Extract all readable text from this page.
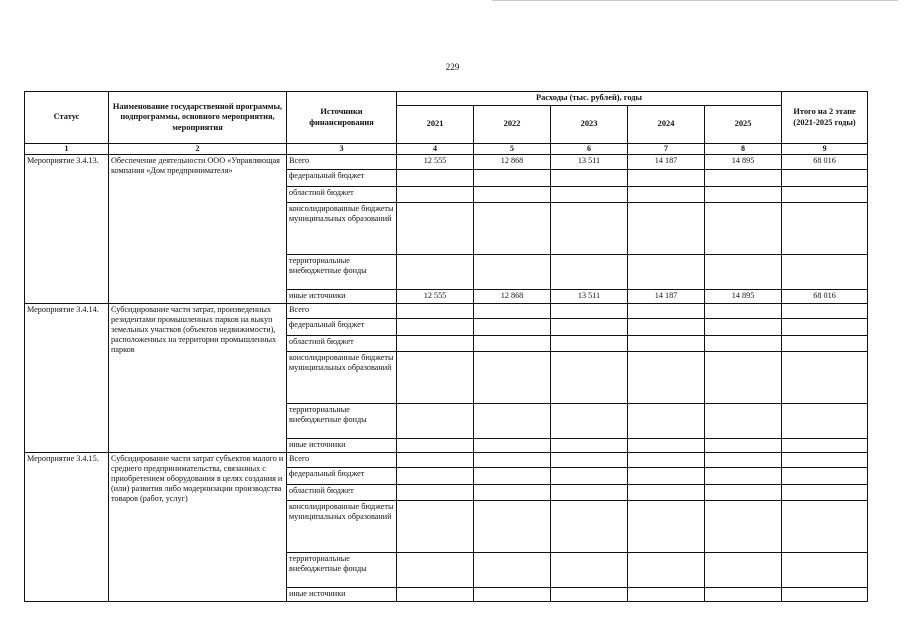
229
Статус	Наименование государственной программы, подпрограммы, основного мероприятия, мероприятия	Источники финансирования	Расходы (тыс. рублей), годы					Итого на 2 этапе (2021-2025 годы)
			2021	2022	2023	2024	2025	
1	2	3	4	5	6	7	8	9
Мероприятие 3.4.13.	Обеспечение деятельности ООО «Управляющая компания «Дом предпринимателя»	Всего	12 555	12 868	13 511	14 187	14 895	68 016
		федеральный бюджет						
		областной бюджет						
		консолидированные бюджеты муниципальных образований						
		территориальные внебюджетные фонды						
		иные источники	12 555	12 868	13 511	14 187	14 895	68 016
Мероприятие 3.4.14.	Субсидирование части затрат, произведенных резидентами промышленных парков на выкуп земельных участков (объектов недвижимости), расположенных на территории промышленных парков	Всего						
		федеральный бюджет						
		областной бюджет						
		консолидированные бюджеты муниципальных образований						
		территориальные внебюджетные фонды						
		иные источники						
Мероприятие 3.4.15.	Субсидирование части затрат субъектов малого и среднего предпринимательства, связанных с приобретением оборудования в целях создания и (или) развития либо модернизации производства товаров (работ, услуг)	Всего						
		федеральный бюджет						
		областной бюджет						
		консолидированные бюджеты муниципальных образований						
		территориальные внебюджетные фонды						
		иные источники						
